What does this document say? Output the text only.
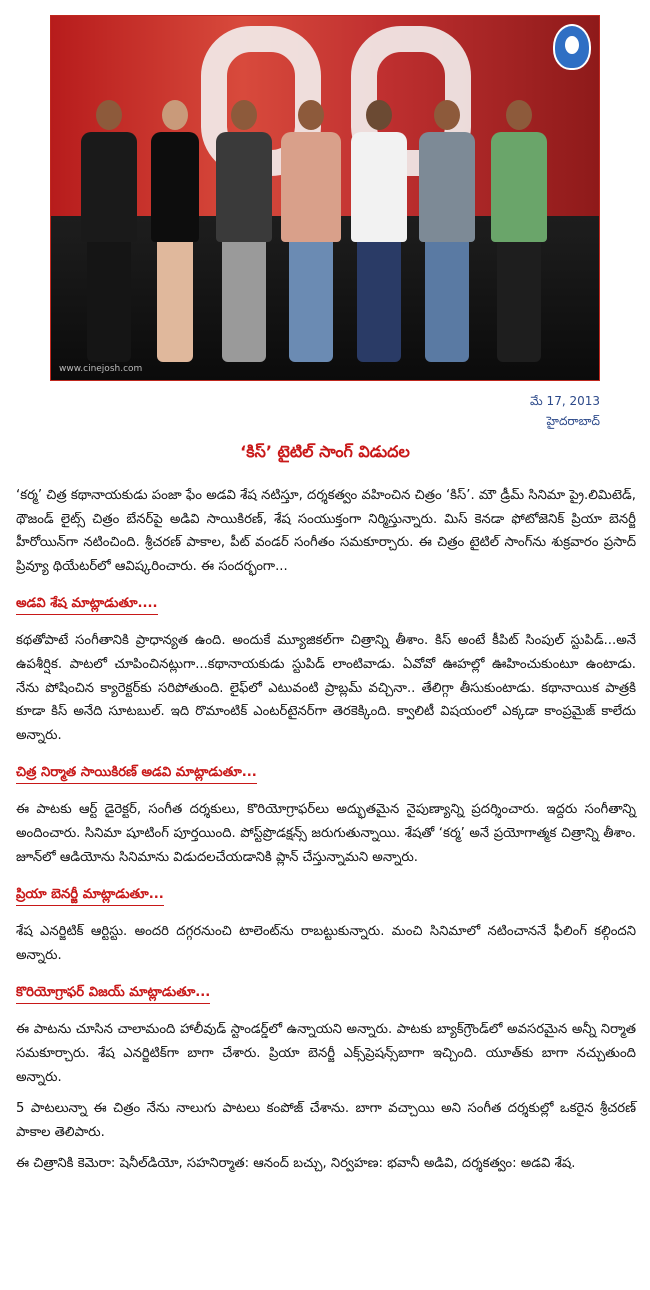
www.cinejosh.com
మే 17, 2013
హైదరాబాద్
‘కిస్’ టైటిల్ సాంగ్ విడుదల

‘కర్మ’ చిత్ర కథానాయకుడు పంజా ఫేం అడవి శేష నటిస్తూ, దర్శకత్వం వహించిన చిత్రం ‘కిస్’. మౌ డ్రీమ్ సినిమా ప్రై.లిమిటెడ్, థౌజండ్ లైట్స్ చిత్రం బేనర్‌పై అడివి సాయికిరణ్, శేష సంయుక్తంగా నిర్మిస్తున్నారు. మిస్ కెనడా ఫోటోజెనిక్ ప్రియా బెనర్జీ హీరోయిన్‌గా నటించింది. శ్రీచరణ్ పాకాల, పీట్ వండర్ సంగీతం సమకూర్చారు. ఈ చిత్రం టైటిల్ సాంగ్‌ను శుక్రవారం ప్రసాద్ ప్రివ్యూ థియేటర్‌లో ఆవిష్కరించారు. ఈ సందర్భంగా...

అడవి శేష మాట్లాడుతూ....

కథతోపాటే సంగీతానికి ప్రాధాన్యత ఉంది. అందుకే మ్యూజికల్‌గా చిత్రాన్ని తీశాం. కిస్ అంటే కీపిట్ సింపుల్ స్టుపిడ్...అనే ఉపశీర్షిక. పాటలో చూపించినట్లుగా...కథానాయకుడు స్టుపిడ్ లాంటివాడు. ఏవోవో ఊహల్లో ఊహించుకుంటూ ఉంటాడు. నేను పోషించిన క్యారెక్టర్‌కు సరిపోతుంది. లైఫ్‌లో ఎటువంటి ప్రాబ్లమ్ వచ్చినా.. తేలిగ్గా తీసుకుంటాడు. కథానాయిక పాత్రకి కూడా కిస్ అనేది సూటబుల్. ఇది రొమాంటిక్ ఎంటర్‌టైనర్‌గా తెరకెక్కింది. క్వాలిటీ విషయంలో ఎక్కడా కాంప్రమైజ్ కాలేదు అన్నారు.

చిత్ర నిర్మాత సాయికిరణ్ అడవి మాట్లాడుతూ...

ఈ పాటకు ఆర్ట్ డైరెక్టర్, సంగీత దర్శకులు, కొరియోగ్రాఫర్‌లు అద్భుతమైన నైపుణ్యాన్ని ప్రదర్శించారు. ఇద్దరు సంగీతాన్ని అందించారు. సినిమా షూటింగ్ పూర్తయింది. పోస్ట్‌ప్రొడక్షన్స్ జరుగుతున్నాయి. శేషతో ‘కర్మ’ అనే ప్రయోగాత్మక చిత్రాన్ని తీశాం. జూన్‌లో ఆడియోను సినిమాను విడుదలచేయడానికి ప్లాన్ చేస్తున్నామని అన్నారు.

ప్రియా బెనర్జీ మాట్లాడుతూ...

శేష ఎనర్జిటిక్ ఆర్టిస్టు. అందరి దగ్గరనుంచి టాలెంట్‌ను రాబట్టుకున్నారు. మంచి సినిమాలో నటించాననే ఫీలింగ్ కల్గిందని అన్నారు.

కొరియోగ్రాఫర్ విజయ్ మాట్లాడుతూ...

ఈ పాటను చూసిన చాలామంది హాలీవుడ్ స్టాండర్డ్‌లో ఉన్నాయని అన్నారు. పాటకు బ్యాక్‌గ్రౌండ్‌లో అవసరమైన అన్నీ నిర్మాత సమకూర్చారు. శేష ఎనర్జిటిక్‌గా బాగా చేశారు. ప్రియా బెనర్జీ ఎక్స్‌ప్రెషన్స్‌బాగా ఇచ్చింది. యూత్‌కు బాగా నచ్చుతుంది అన్నారు.

5 పాటలున్నా ఈ చిత్రం నేను నాలుగు పాటలు కంపోజ్ చేశాను. బాగా వచ్చాయి అని సంగీత దర్శకుల్లో ఒకరైన శ్రీచరణ్ పాకాల తెలిపారు.

ఈ చిత్రానికి కెమెరా: షెనీల్‌డియో, సహనిర్మాత: ఆనంద్ బచ్చు, నిర్వహణ: భవానీ అడివి, దర్శకత్వం: అడవి శేష.
